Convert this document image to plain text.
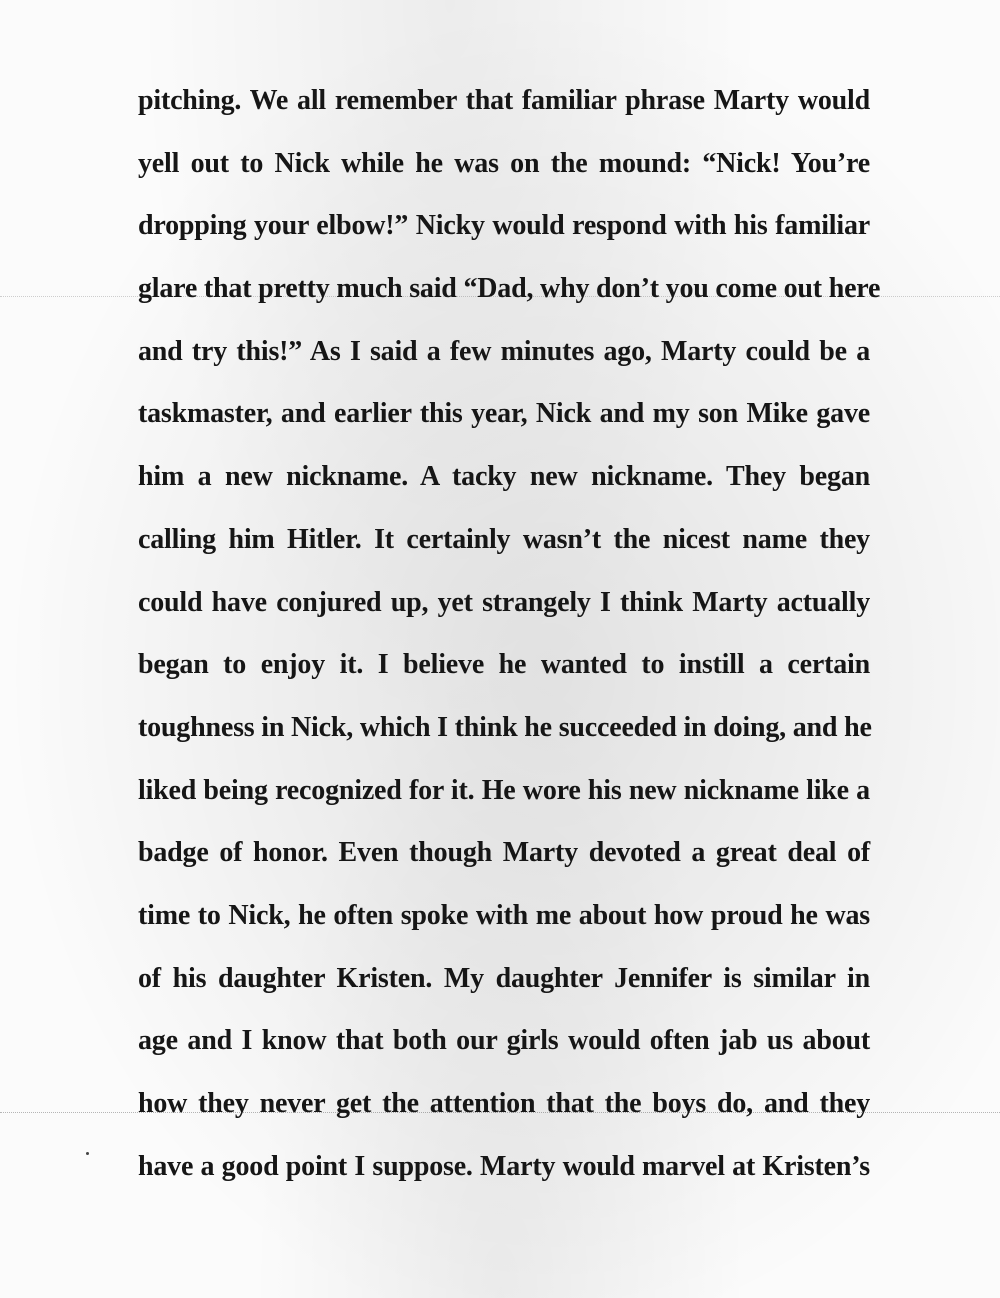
pitching. We all remember that familiar phrase Marty would
yell out to Nick while he was on the mound: “Nick! You’re
dropping your elbow!” Nicky would respond with his familiar
glare that pretty much said “Dad, why don’t you come out here
and try this!” As I said a few minutes ago, Marty could be a
taskmaster, and earlier this year, Nick and my son Mike gave
him a new nickname. A tacky new nickname. They began
calling him Hitler. It certainly wasn’t the nicest name they
could have conjured up, yet strangely I think Marty actually
began to enjoy it. I believe he wanted to instill a certain
toughness in Nick, which I think he succeeded in doing, and he
liked being recognized for it. He wore his new nickname like a
badge of honor. Even though Marty devoted a great deal of
time to Nick, he often spoke with me about how proud he was
of his daughter Kristen. My daughter Jennifer is similar in
age and I know that both our girls would often jab us about
how they never get the attention that the boys do, and they
have a good point I suppose. Marty would marvel at Kristen’s
